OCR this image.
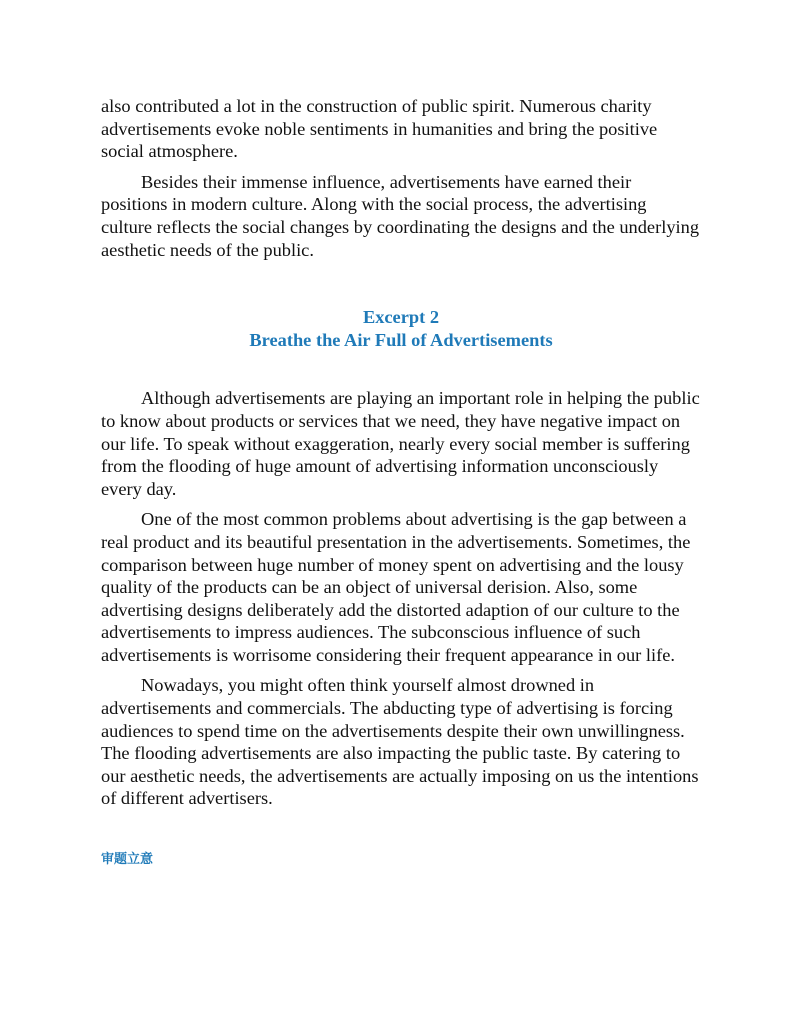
also contributed a lot in the construction of public spirit. Numerous charity advertisements evoke noble sentiments in humanities and bring the positive social atmosphere.

Besides their immense influence, advertisements have earned their positions in modern culture. Along with the social process, the advertising culture reflects the social changes by coordinating the designs and the underlying aesthetic needs of the public.

Excerpt 2
Breathe the Air Full of Advertisements

Although advertisements are playing an important role in helping the public to know about products or services that we need, they have negative impact on our life. To speak without exaggeration, nearly every social member is suffering from the flooding of huge amount of advertising information unconsciously every day.

One of the most common problems about advertising is the gap between a real product and its beautiful presentation in the advertisements. Sometimes, the comparison between huge number of money spent on advertising and the lousy quality of the products can be an object of universal derision. Also, some advertising designs deliberately add the distorted adaption of our culture to the advertisements to impress audiences. The subconscious influence of such advertisements is worrisome considering their frequent appearance in our life.

Nowadays, you might often think yourself almost drowned in advertisements and commercials. The abducting type of advertising is forcing audiences to spend time on the advertisements despite their own unwillingness. The flooding advertisements are also impacting the public taste. By catering to our aesthetic needs, the advertisements are actually imposing on us the intentions of different advertisers.

审题立意
